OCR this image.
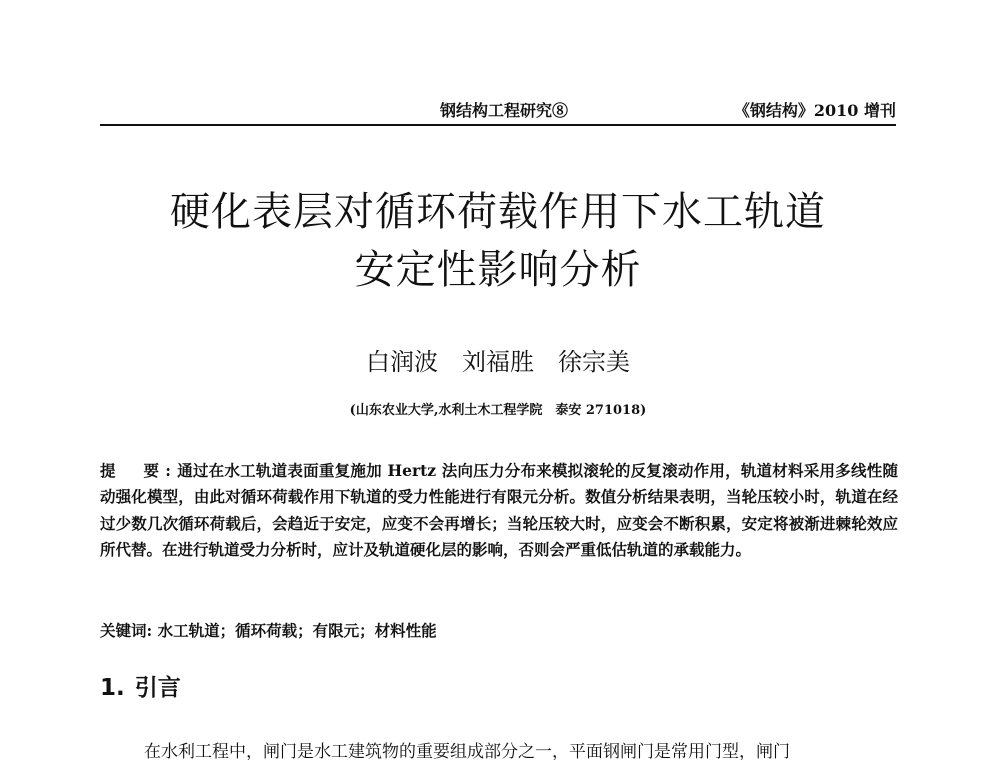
钢结构工程研究⑧	《钢结构》2010 增刊
硬化表层对循环荷载作用下水工轨道
安定性影响分析
白润波　刘福胜　徐宗美
(山东农业大学,水利土木工程学院　泰安 271018)
提　要:通过在水工轨道表面重复施加 Hertz 法向压力分布来模拟滚轮的反复滚动作用，轨道材料采用多线性随动强化模型，由此对循环荷载作用下轨道的受力性能进行有限元分析。数值分析结果表明，当轮压较小时，轨道在经过少数几次循环荷载后，会趋近于安定，应变不会再增长；当轮压较大时，应变会不断积累，安定将被渐进棘轮效应所代替。在进行轨道受力分析时，应计及轨道硬化层的影响，否则会严重低估轨道的承载能力。
关键词: 水工轨道；循环荷载；有限元；材料性能
1. 引言
在水利工程中，闸门是水工建筑物的重要组成部分之一，平面钢闸门是常用门型，闸门
